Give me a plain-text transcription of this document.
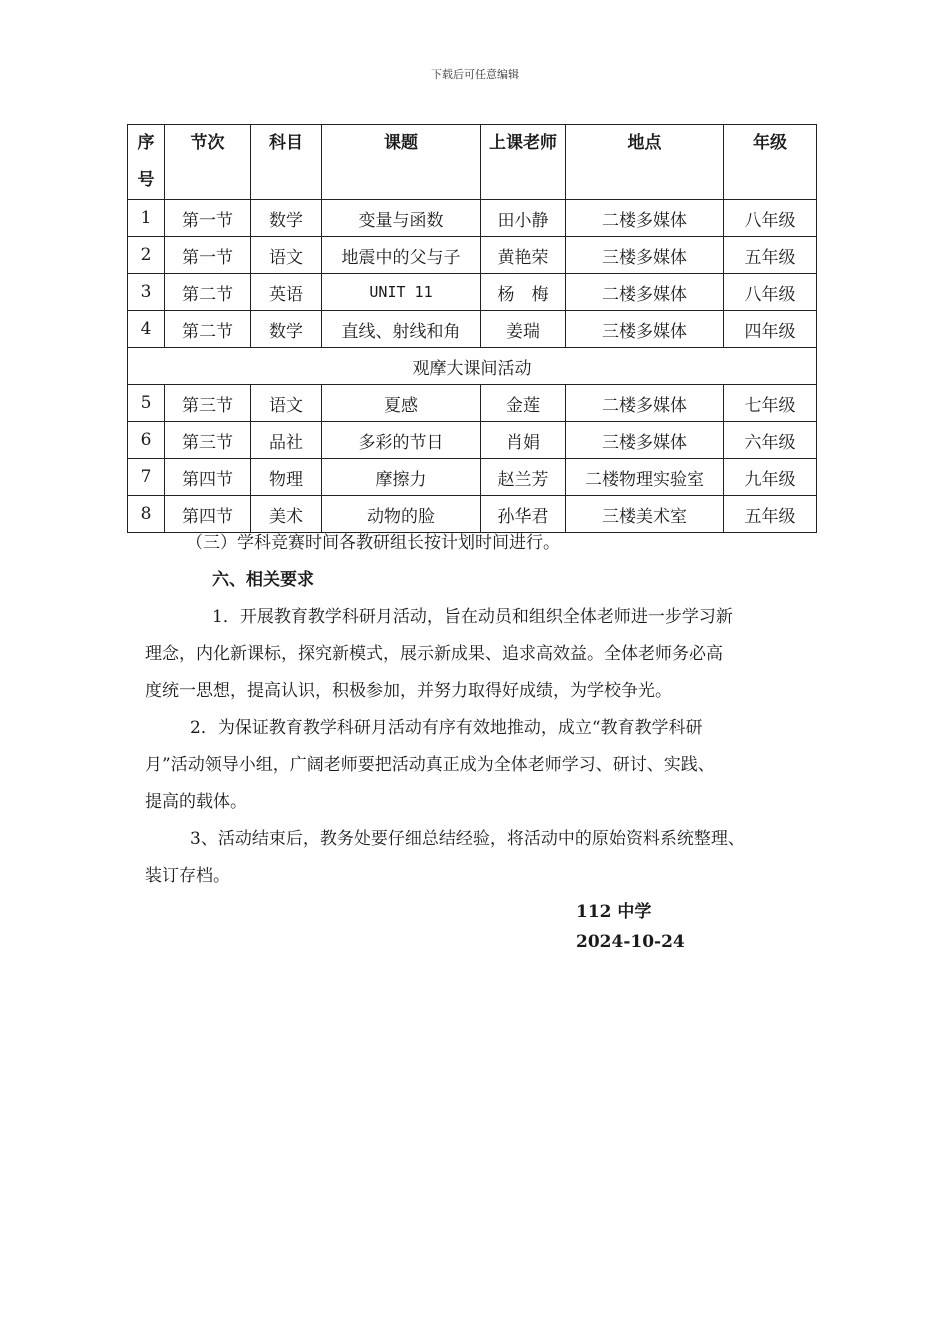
下载后可任意编辑
序号	节次	科目	课题	上课老师	地点	年级
1	第一节	数学	变量与函数	田小静	二楼多媒体	八年级
2	第一节	语文	地震中的父与子	黄艳荣	三楼多媒体	五年级
3	第二节	英语	UNIT 11	杨　梅	二楼多媒体	八年级
4	第二节	数学	直线、射线和角	姜瑞	三楼多媒体	四年级
观摩大课间活动						
5	第三节	语文	夏感	金莲	二楼多媒体	七年级
6	第三节	品社	多彩的节日	肖娟	三楼多媒体	六年级
7	第四节	物理	摩擦力	赵兰芳	二楼物理实验室	九年级
8	第四节	美术	动物的脸	孙华君	三楼美术室	五年级

（三）学科竞赛时间各教研组长按计划时间进行。

六、相关要求

1．开展教育教学科研月活动，旨在动员和组织全体老师进一步学习新

理念，内化新课标，探究新模式，展示新成果、追求高效益。全体老师务必高

度统一思想，提高认识，积极参加，并努力取得好成绩，为学校争光。

2．为保证教育教学科研月活动有序有效地推动，成立“教育教学科研

月”活动领导小组，广阔老师要把活动真正成为全体老师学习、研讨、实践、

提高的载体。

3、活动结束后，教务处要仔细总结经验，将活动中的原始资料系统整理、

装订存档。

112 中学

2024-10-24
